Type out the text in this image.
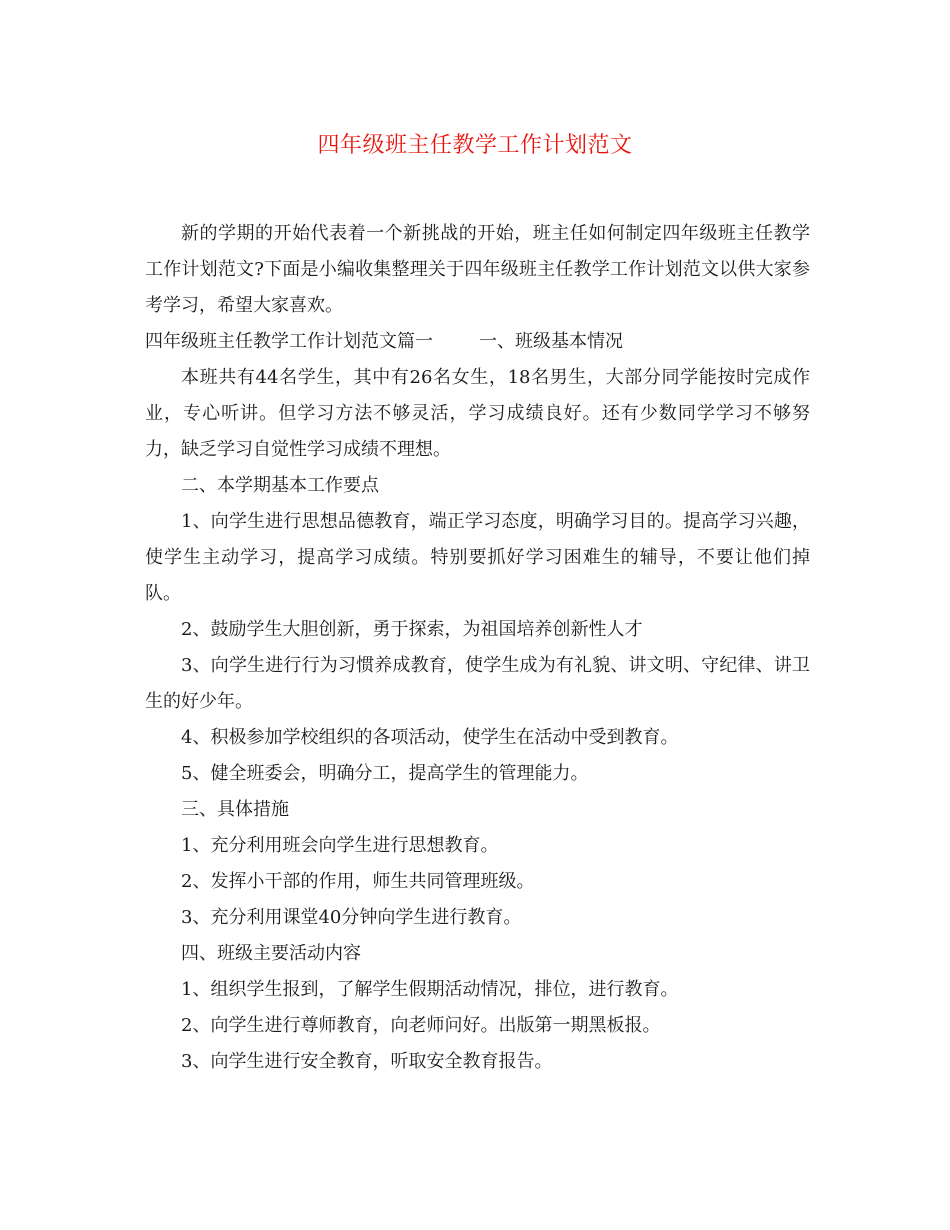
四年级班主任教学工作计划范文

新的学期的开始代表着一个新挑战的开始，班主任如何制定四年级班主任教学工作计划范文?下面是小编收集整理关于四年级班主任教学工作计划范文以供大家参考学习，希望大家喜欢。

四年级班主任教学工作计划范文篇一	一、班级基本情况

本班共有44名学生，其中有26名女生，18名男生，大部分同学能按时完成作业，专心听讲。但学习方法不够灵活，学习成绩良好。还有少数同学学习不够努力，缺乏学习自觉性学习成绩不理想。

二、本学期基本工作要点

1、向学生进行思想品德教育，端正学习态度，明确学习目的。提高学习兴趣，使学生主动学习，提高学习成绩。特别要抓好学习困难生的辅导，不要让他们掉队。

2、鼓励学生大胆创新，勇于探索，为祖国培养创新性人才

3、向学生进行行为习惯养成教育，使学生成为有礼貌、讲文明、守纪律、讲卫生的好少年。

4、积极参加学校组织的各项活动，使学生在活动中受到教育。

5、健全班委会，明确分工，提高学生的管理能力。

三、具体措施

1、充分利用班会向学生进行思想教育。

2、发挥小干部的作用，师生共同管理班级。

3、充分利用课堂40分钟向学生进行教育。

四、班级主要活动内容

1、组织学生报到，了解学生假期活动情况，排位，进行教育。

2、向学生进行尊师教育，向老师问好。出版第一期黑板报。

3、向学生进行安全教育，听取安全教育报告。
